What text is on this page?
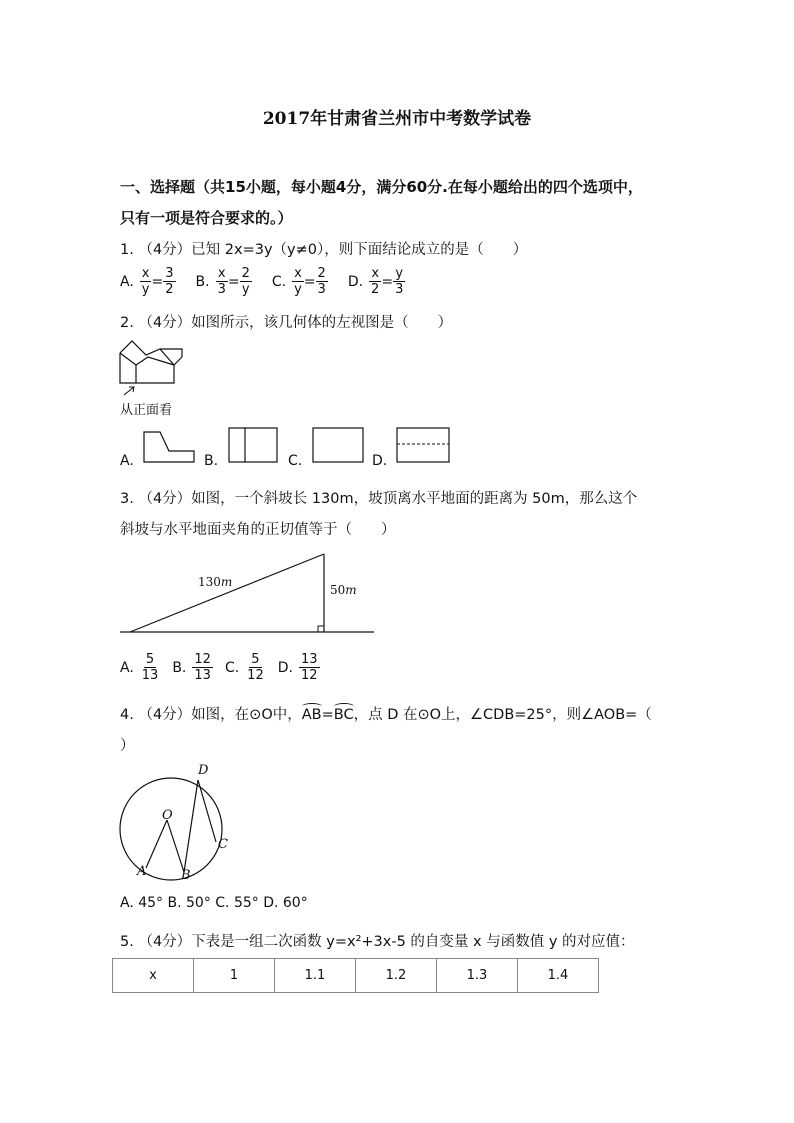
2017年甘肃省兰州市中考数学试卷
一、选择题（共15小题，每小题4分，满分60分.在每小题给出的四个选项中，
只有一项是符合要求的。）
1. （4分）已知 2x=3y（y≠0），则下面结论成立的是（　　）
A. $\frac{x}{y} = \frac{3}{2} B$. $\frac{x}{3} = \frac{2}{y} C$. $\frac{x}{y} = \frac{2}{3} D$. $\frac{x}{2} = \frac{y}{3}$
2. （4分）如图所示，该几何体的左视图是（　　）
从正面看
A.	B.	C.	D.
3. （4分）如图，一个斜坡长 130m，坡顶离水平地面的距离为 50m，那么这个
斜坡与水平地面夹角的正切值等于（　　）
130m
50m
A. $\frac{5}{13} B$. $\frac{12}{13} C$. $\frac{5}{12} D$. $\frac{13}{12}$
4. （4分）如图，在⊙O中，AB=BC，点 D 在⊙O上，∠CDB=25°，则∠AOB=（
）
D
O
C
A	B
A. 45° B. 50° C. 55° D. 60°
5. （4分）下表是一组二次函数 y=x²+3x-5 的自变量 x 与函数值 y 的对应值：
x	1	1.1	1.2	1.3	1.4
